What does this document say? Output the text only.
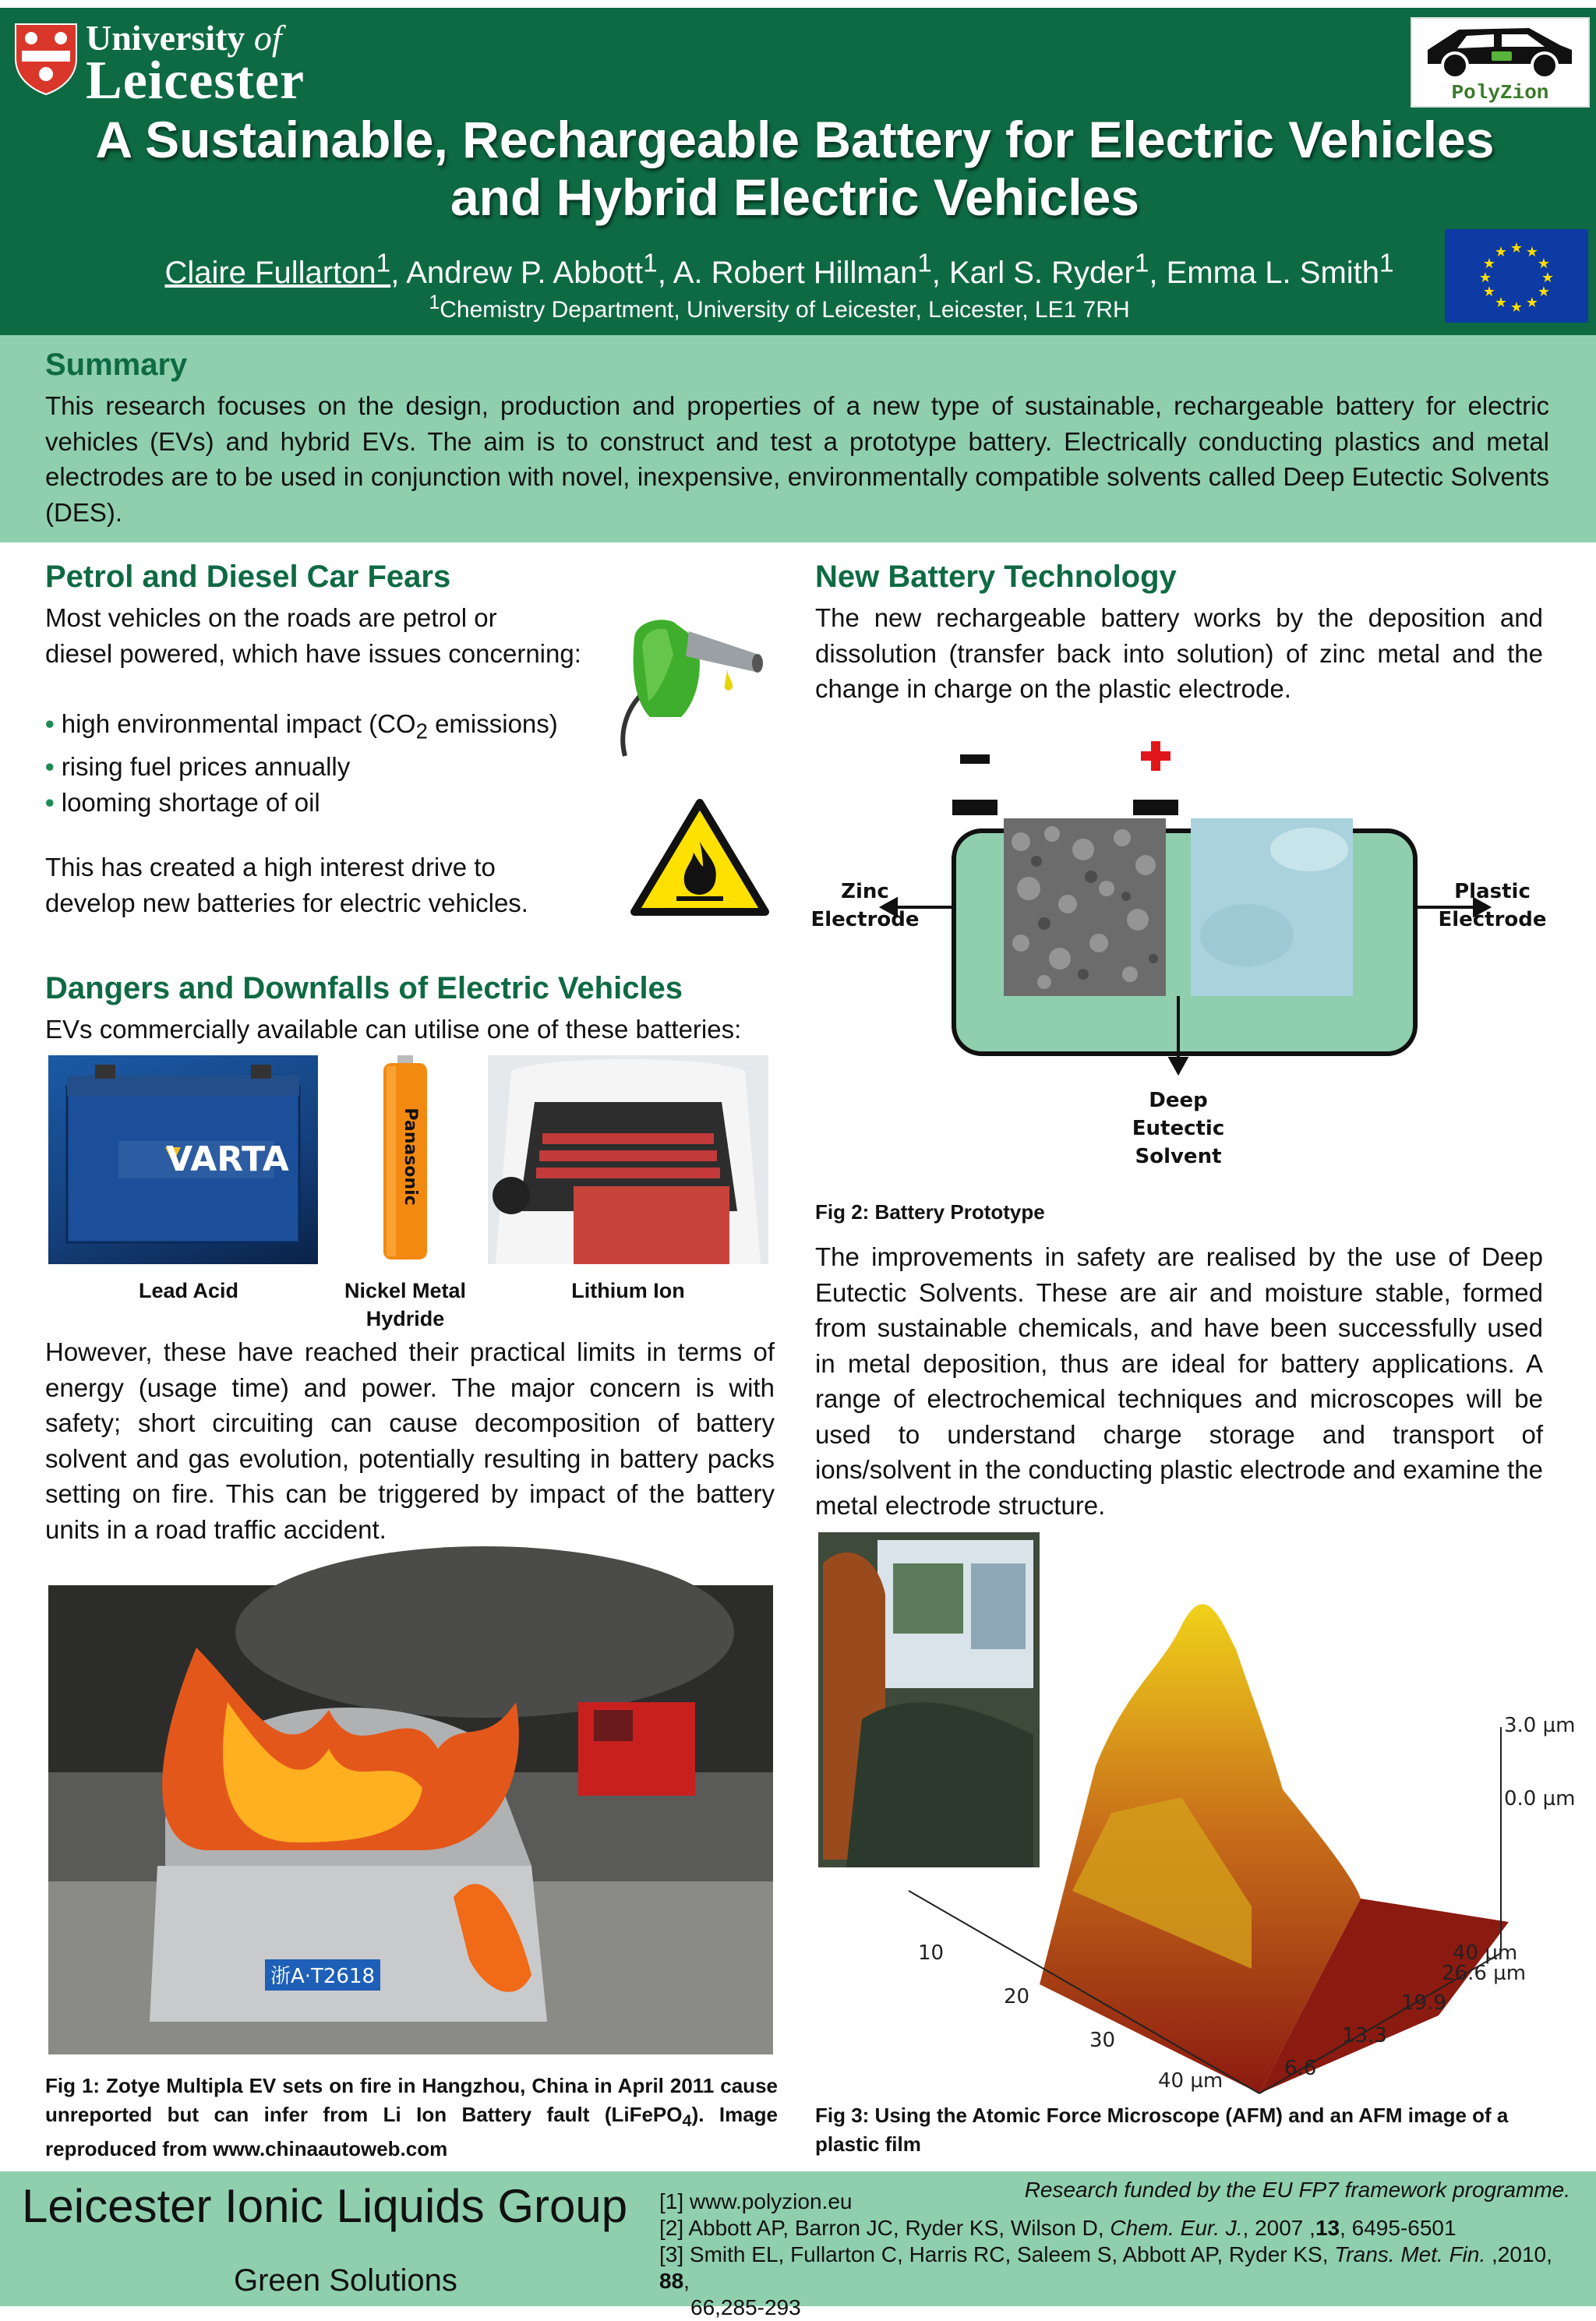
University of
Leicester	PolyZion
A Sustainable, Rechargeable Battery for Electric Vehicles
and Hybrid Electric Vehicles
Claire Fullarton$^1$, Andrew P. Abbott$^1$, A. Robert Hillman$^1$, Karl S. Ryder$^1$, Emma L. Smith$^1$
$^1$Chemistry Department, University of Leicester, Leicester, LE1 7RH
★ ★
★
★
★
★
★
★
★
★
★
★
Summary
This research focuses on the design, production and properties of a new type of sustainable, rechargeable battery for electric vehicles (EVs) and hybrid EVs. The aim is to construct and test a prototype battery. Electrically conducting plastics and metal electrodes are to be used in conjunction with novel, inexpensive, environmentally compatible solvents called Deep Eutectic Solvents (DES).
Petrol and Diesel Car Fears
Most vehicles on the roads are petrol or
diesel powered, which have issues concerning:
• high environmental impact ($CO_2$ emissions)
• rising fuel prices annually
• looming shortage of oil
This has created a high interest drive to
develop new batteries for electric vehicles.
Dangers and Downfalls of Electric Vehicles
EVs commercially available can utilise one of these batteries:
VARTA	Panasonic
Lead Acid	Nickel Metal
Hydride
Lithium Ion
However, these have reached their practical limits in terms of energy (usage time) and power. The major concern is with safety; short circuiting can cause decomposition of battery solvent and gas evolution, potentially resulting in battery packs setting on fire. This can be triggered by impact of the battery units in a road traffic accident.
浙A·T2618
Fig 1: Zotye Multipla EV sets on fire in Hangzhou, China in April 2011 cause unreported but can infer from Li Ion Battery fault (LiFePO$_4$). Image reproduced from www.chinaautoweb.com
New Battery Technology
The new rechargeable battery works by the deposition and dissolution (transfer back into solution) of zinc metal and the change in charge on the plastic electrode.
Zinc
Electrode
Plastic
Electrode
Deep
Eutectic
Solvent
Fig 2: Battery Prototype
The improvements in safety are realised by the use of Deep Eutectic Solvents. These are air and moisture stable, formed from sustainable chemicals, and have been successfully used in metal deposition, thus are ideal for battery applications. A range of electrochemical techniques and microscopes will be used to understand charge storage and transport of ions/solvent in the conducting plastic electrode and examine the metal electrode structure.
3.0 µm
0.0 µm
40 µm
26.6 µm
19.9
13.3
6.6
10
20
30
40 µm
Fig 3: Using the Atomic Force Microscope (AFM) and an AFM image of a plastic film
Leicester Ionic Liquids Group
Green Solutions
Research funded by the EU FP7 framework programme.
[1] www.polyzion.eu
[2] Abbott AP, Barron JC, Ryder KS, Wilson D, Chem. Eur. J., 2007 ,13, 6495-6501
[3] Smith EL, Fullarton C, Harris RC, Saleem S, Abbott AP, Ryder KS, Trans. Met. Fin. ,2010, 88,
66,285-293
